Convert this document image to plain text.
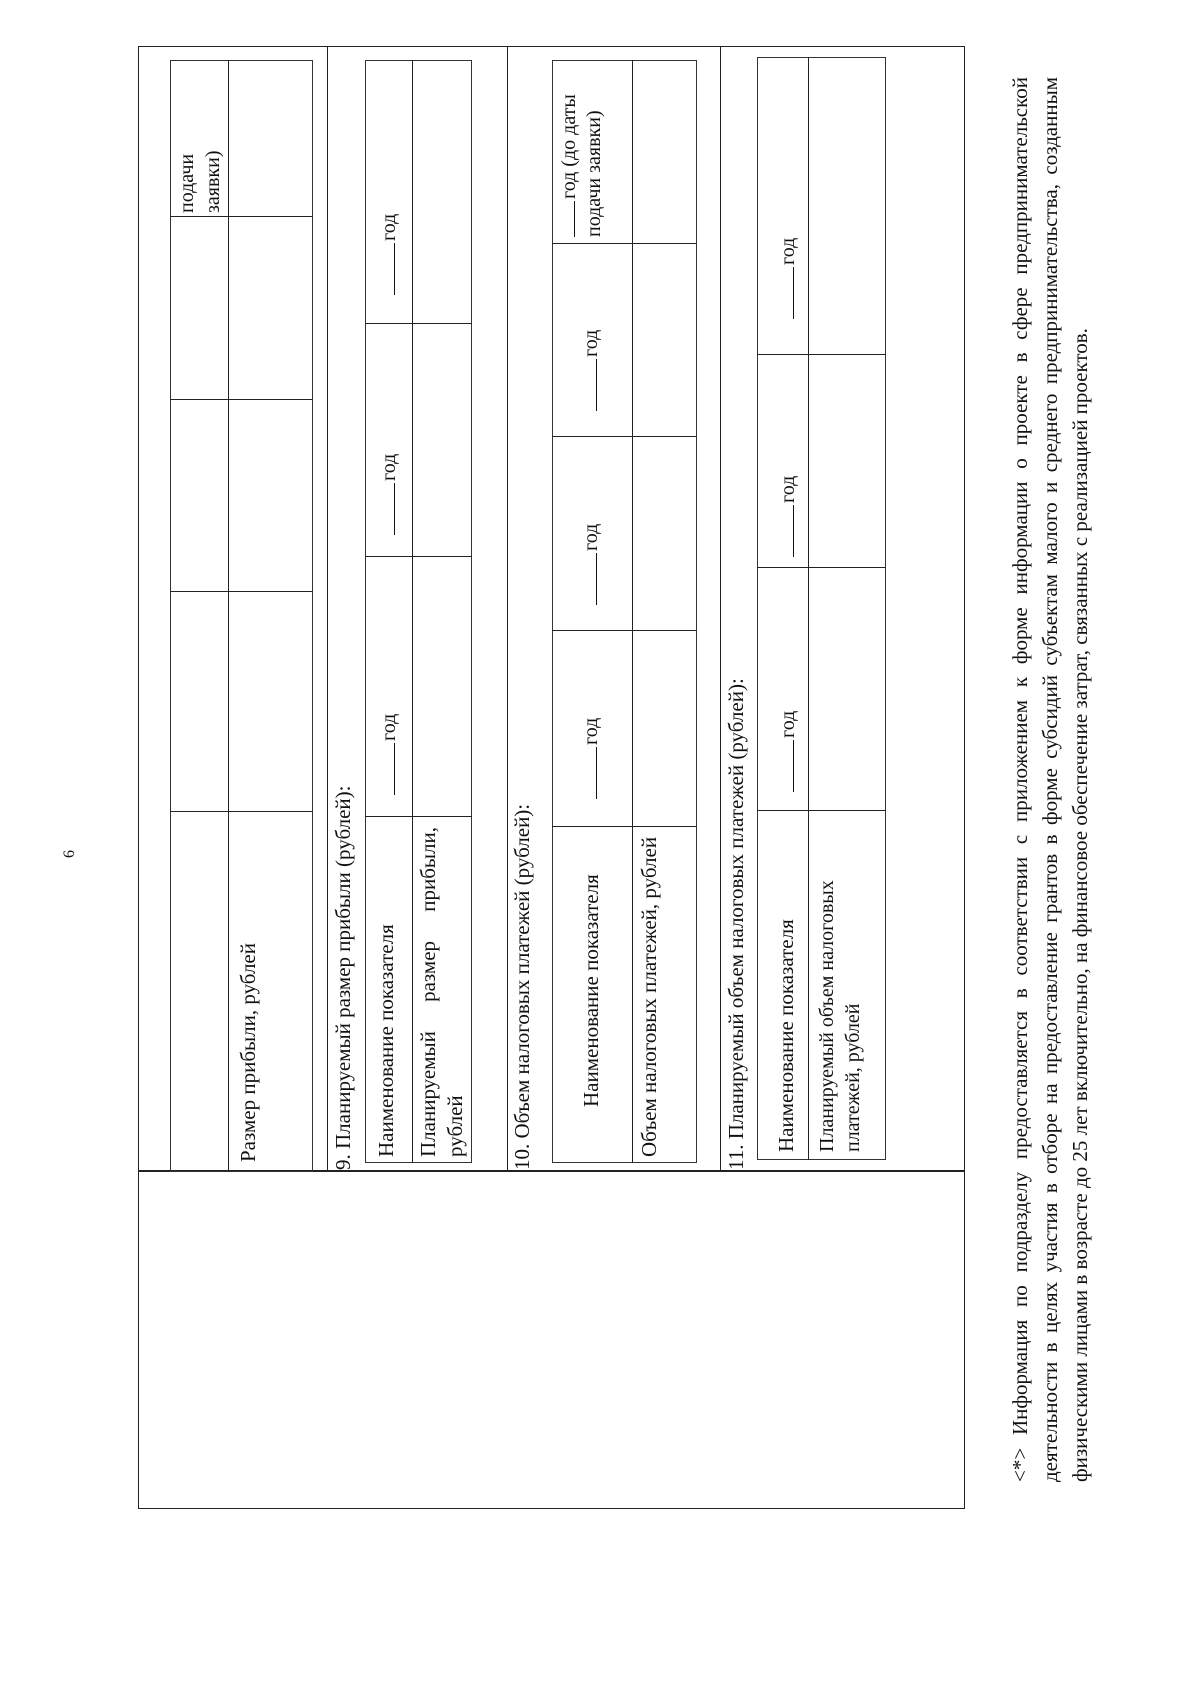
6
Размер прибыли, рублей
подачи заявки)
9. Планируемый размер прибыли (рублей): Наименование показателя
год
год
год
Планируемый размер прибыли, рублей 10. Объем налоговых платежей (рублей): Наименование показателя
год
год
год
год (до даты подачи заявки)
Объем налоговых платежей, рублей	11. Планируемый объем налоговых платежей (рублей): Наименование показателя
год
год
год
Планируемый объем налоговых платежей, рублей	<*> Информация по подразделу предоставляется в соответствии с приложением к форме информации о проекте в сфере предпринимательской деятельности в целях участия в отборе на предоставление грантов в форме субсидий субъектам малого и среднего предпринимательства, созданным физическими лицами в возрасте до 25 лет включительно, на финансовое обеспечение затрат, связанных с реализацией проектов.
